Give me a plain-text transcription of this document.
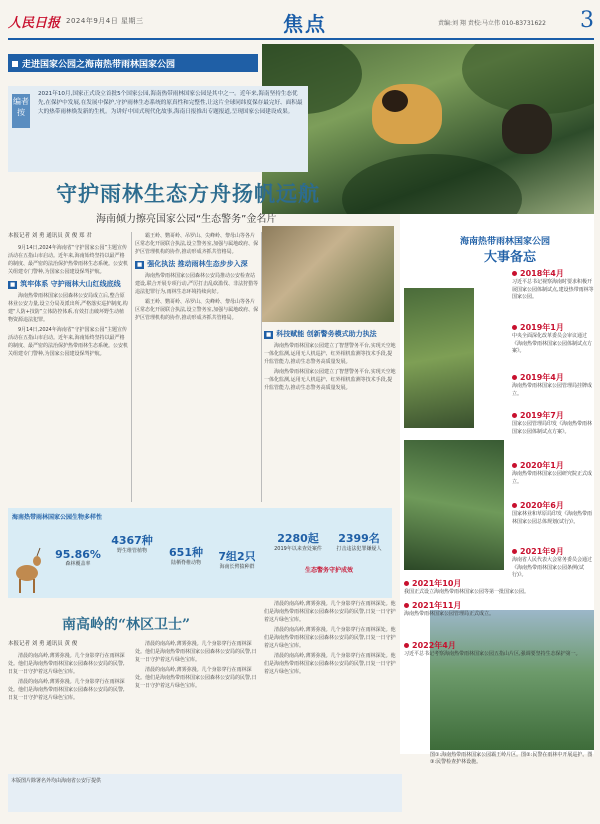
人民日报 2024年9月4日 星期三	焦点	责编:刘 翔 责校:马立伟 010-83731622 3
走进国家公园之海南热带雨林国家公园
编者按
2021年10月,国家正式设立首批5个国家公园,海南热带雨林国家公园是其中之一。近年来,海南坚持生态优先,在保护中发展,在发展中保护,守护雨林生态系统的原真性和完整性,让这片全球同纬度保存最完好、面积最大的热带雨林焕发新的生机。为讲好中国式现代化故事,海南日报推出专题报道,呈现国家公园建设成果。
守护雨林生态方舟扬帆远航
海南倾力擦亮国家公园“生态警务”金名片
本报记者 刘 勇 通讯员 黄 俊 郑 君

9月14日,2024年海南省“守护国家公园”主题宣传活动在五指山市启动。近年来,海南始终坚持以最严格的制度、最严密的法治保护热带雨林生态系统。公安机关组建专门警种,为国家公园建设保驾护航。

■ 筑牢体系 守护雨林大山红线底线

海南热带雨林国家公园森林公安局成立后,整合原林业公安力量,设立分局及派出所,严格落实巡护制度,构建“人防+技防”立体防控体系,有效打击破坏野生动植物资源违法犯罪。

9月14日,2024年海南省“守护国家公园”主题宣传活动在五指山市启动。近年来,海南始终坚持以最严格的制度、最严密的法治保护热带雨林生态系统。公安机关组建专门警种,为国家公园建设保驾护航。

霸王岭、鹦哥岭、吊罗山、尖峰岭、黎母山等各片区常态化开展联合执法,设立警务室,加强与属地政府、保护区管理机构的协作,推动形成齐抓共管格局。

■ 强化执法 推动雨林生态步步入深

海南热带雨林国家公园森林公安局推动公安检查站建设,联合开展专项行动,严厉打击乱砍滥伐、非法狩猎等违法犯罪行为,雨林生态环境持续向好。

霸王岭、鹦哥岭、吊罗山、尖峰岭、黎母山等各片区常态化开展联合执法,设立警务室,加强与属地政府、保护区管理机构的协作,推动形成齐抓共管格局。

■ 科技赋能 创新警务模式助力执法

海南热带雨林国家公园建立了智慧警务平台,实现天空地一体化监测,运用无人机巡护、红外相机监测等技术手段,提升监管能力,推动生态警务高质量发展。

海南热带雨林国家公园建立了智慧警务平台,实现天空地一体化监测,运用无人机巡护、红外相机监测等技术手段,提升监管能力,推动生态警务高质量发展。

海南热带雨林国家公园
大事备忘
2018年4月
习近平总书记视察海南时要求积极开展国家公园体制试点,建设热带雨林等国家公园。
2019年1月
中央全面深化改革委员会审议通过《海南热带雨林国家公园体制试点方案》。
2019年4月
海南热带雨林国家公园管理局挂牌成立。
2019年7月
国家公园管理局印发《海南热带雨林国家公园体制试点方案》。
2020年1月
海南热带雨林国家公园研究院正式成立。
2020年6月
国家林业和草原局印发《海南热带雨林国家公园总体规划(试行)》。
2021年9月
海南省人民代表大会常务委员会通过《海南热带雨林国家公园条例(试行)》。
2021年10月
我国正式设立海南热带雨林国家公园等第一批国家公园。
2021年11月
海南热带雨林国家公园管理局正式成立。
2022年4月
习近平总书记考察海南热带雨林国家公园五指山片区,强调要坚持生态保护第一。
海南热带雨林国家公园生物多样性
95.86%
森林覆盖率
4367种
野生维管植物	651种
陆栖脊椎动物	7组2只
海南长臂猿种群
2280起
2019年以来查处案件
2399名
打击违法犯罪嫌疑人
生态警务守护成效
南高岭的“林区卫士”
本报记者 刘 勇 通讯员 黄 俊

清晨的南高岭,薄雾弥漫。几个身影穿行在雨林深处。他们是海南热带雨林国家公园森林公安局的民警,日复一日守护着这片绿色宝库。

清晨的南高岭,薄雾弥漫。几个身影穿行在雨林深处。他们是海南热带雨林国家公园森林公安局的民警,日复一日守护着这片绿色宝库。

清晨的南高岭,薄雾弥漫。几个身影穿行在雨林深处。他们是海南热带雨林国家公园森林公安局的民警,日复一日守护着这片绿色宝库。

清晨的南高岭,薄雾弥漫。几个身影穿行在雨林深处。他们是海南热带雨林国家公园森林公安局的民警,日复一日守护着这片绿色宝库。

清晨的南高岭,薄雾弥漫。几个身影穿行在雨林深处。他们是海南热带雨林国家公园森林公安局的民警,日复一日守护着这片绿色宝库。

清晨的南高岭,薄雾弥漫。几个身影穿行在雨林深处。他们是海南热带雨林国家公园森林公安局的民警,日复一日守护着这片绿色宝库。

清晨的南高岭,薄雾弥漫。几个身影穿行在雨林深处。他们是海南热带雨林国家公园森林公安局的民警,日复一日守护着这片绿色宝库。

本版图片除署名外均由海南省公安厅提供
图①:海南热带雨林国家公园霸王岭片区。图②:民警在雨林中开展巡护。图③:民警检查护林设施。
